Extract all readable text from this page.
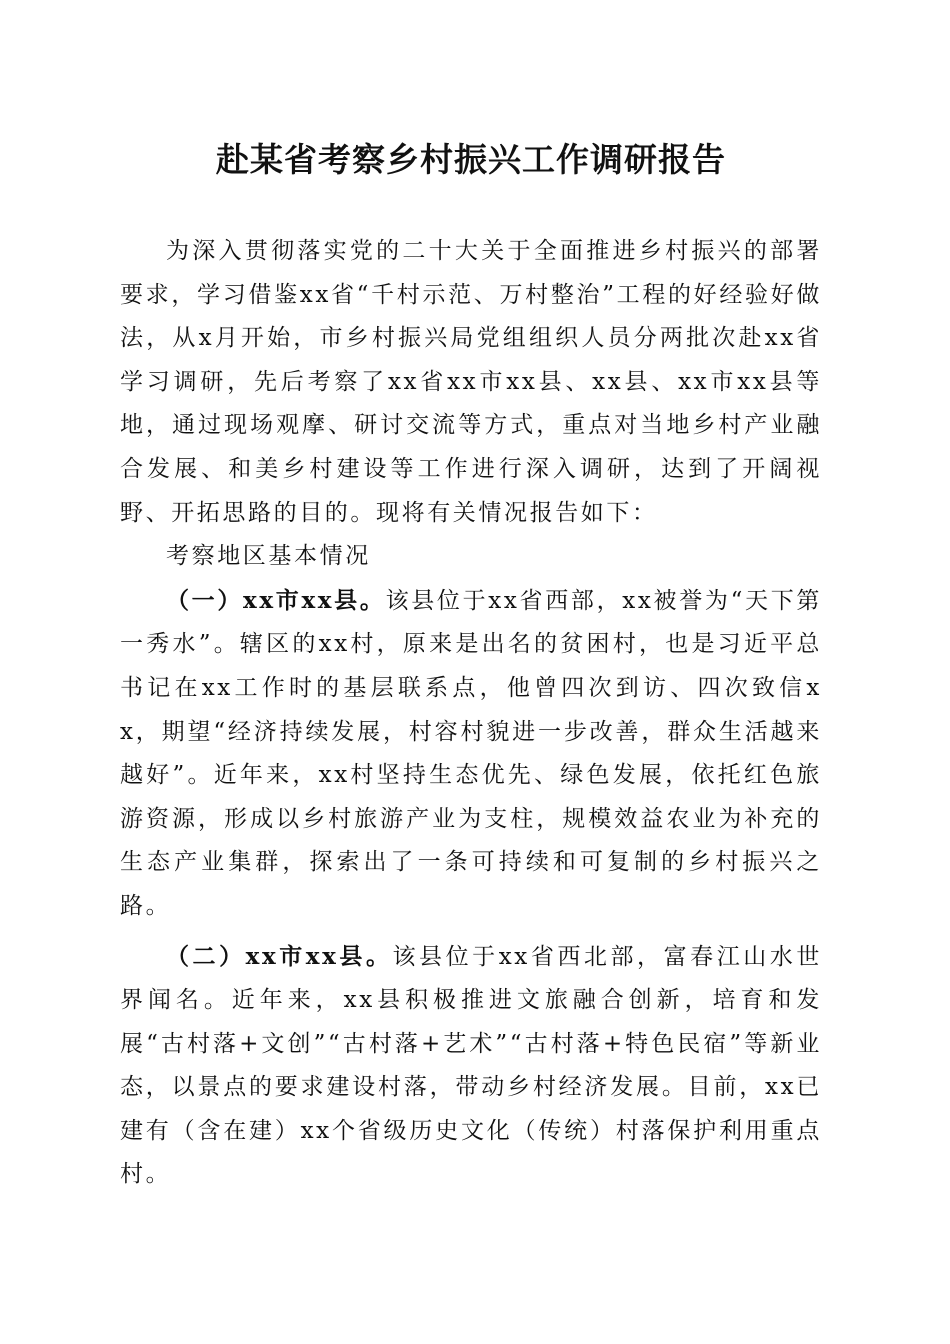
赴某省考察乡村振兴工作调研报告

为深入贯彻落实党的二十大关于全面推进乡村振兴的部署要求，学习借鉴xx省“千村示范、万村整治”工程的好经验好做法，从x月开始，市乡村振兴局党组组织人员分两批次赴xx省学习调研，先后考察了xx省xx市xx县、xx县、xx市xx县等地，通过现场观摩、研讨交流等方式，重点对当地乡村产业融合发展、和美乡村建设等工作进行深入调研，达到了开阔视野、开拓思路的目的。现将有关情况报告如下：

考察地区基本情况

（一）xx市xx县。该县位于xx省西部，xx被誉为“天下第一秀水”。辖区的xx村，原来是出名的贫困村，也是习近平总书记在xx工作时的基层联系点，他曾四次到访、四次致信xx，期望“经济持续发展，村容村貌进一步改善，群众生活越来越好”。近年来，xx村坚持生态优先、绿色发展，依托红色旅游资源，形成以乡村旅游产业为支柱，规模效益农业为补充的生态产业集群，探索出了一条可持续和可复制的乡村振兴之路。

（二）xx市xx县。该县位于xx省西北部，富春江山水世界闻名。近年来，xx县积极推进文旅融合创新，培育和发展“古村落+文创”“古村落+艺术”“古村落+特色民宿”等新业态，以景点的要求建设村落，带动乡村经济发展。目前，xx已建有（含在建）xx个省级历史文化（传统）村落保护利用重点村。
